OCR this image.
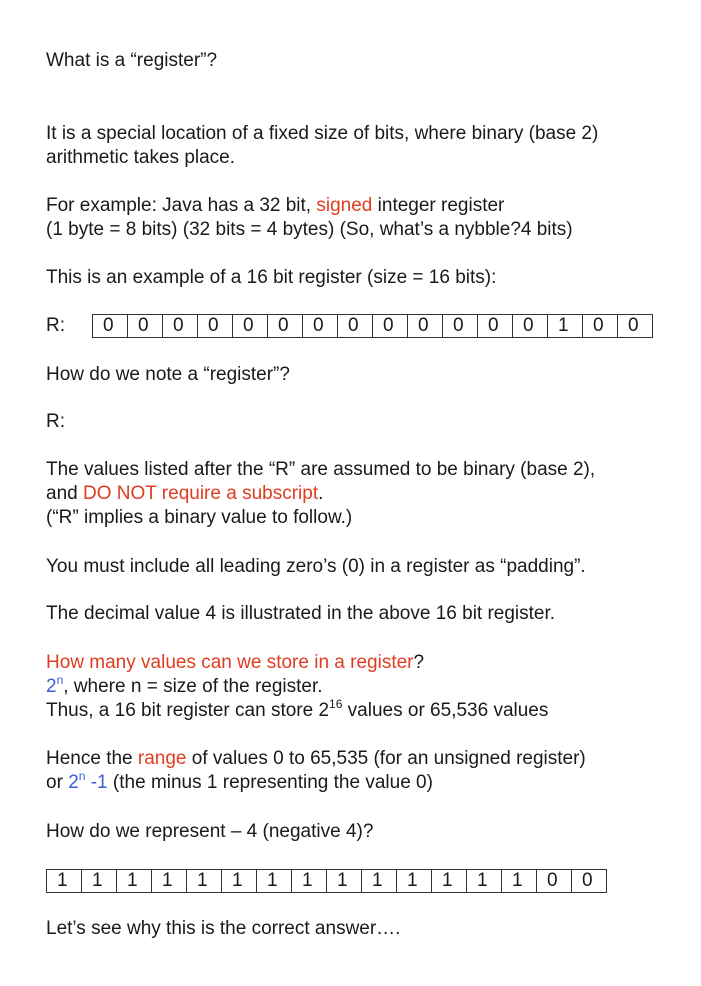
What is a “register”?
It is a special location of a fixed size of bits, where binary (base 2)
arithmetic takes place.
For example: Java has a 32 bit, signed integer register
(1 byte = 8 bits) (32 bits = 4 bytes) (So, what’s a nybble?4 bits)
This is an example of a 16 bit register (size = 16 bits):
R:	0	0	0	0	0	0	0	0	0	0	0	0	0	1	0	0
How do we note a “register”?
R:
The values listed after the “R” are assumed to be binary (base 2),
and DO NOT require a subscript.
(“R” implies a binary value to follow.)
You must include all leading zero’s (0) in a register as “padding”.
The decimal value 4 is illustrated in the above 16 bit register.
How many values can we store in a register?
2$^n$, where n = size of the register.
Thus, a 16 bit register can store $2^{16}$ values or 65,536 values
Hence the range of values 0 to 65,535 (for an unsigned register)
or 2$^n$ -1 (the minus 1 representing the value 0)
How do we represent – 4 (negative 4)?
1	1	1	1	1	1	1	1	1	1	1	1	1	1	0	0
Let’s see why this is the correct answer….
